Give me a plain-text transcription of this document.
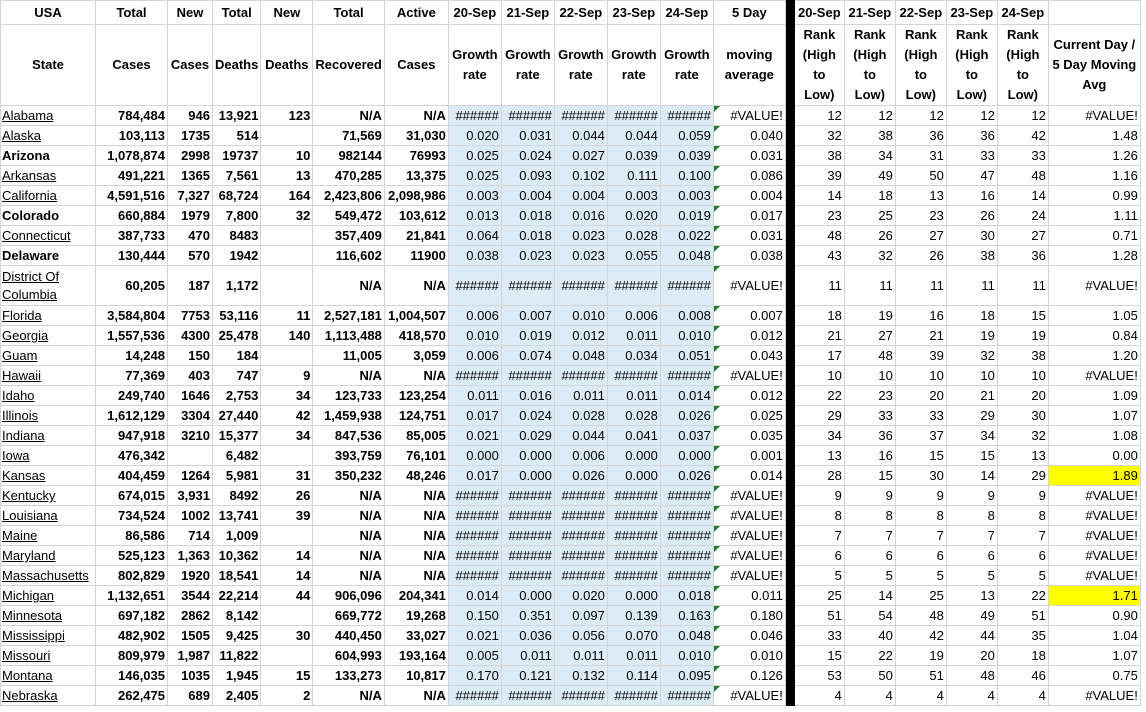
USA	Total	New	Total	New	Total	Active	20-Sep	21-Sep	22-Sep	23-Sep	24-Sep	5 Day		20-Sep	21-Sep	22-Sep	23-Sep	24-Sep	
State	Cases	Cases	Deaths	Deaths	Recovered	Cases	Growth rate	Growth rate	Growth rate	Growth rate	Growth rate	moving average		Rank (High to Low)	Rank (High to Low)	Rank (High to Low)	Rank (High to Low)	Rank (High to Low)	Current Day / 5 Day Moving Avg
Alabama	784,484	946	13,921	123	N/A	N/A	######	######	######	######	######	#VALUE!		12	12	12	12	12	#VALUE!
Alaska	103,113	1735	514		71,569	31,030	0.020	0.031	0.044	0.044	0.059	0.040		32	38	36	36	42	1.48
Arizona	1,078,874	2998	19737	10	982144	76993	0.025	0.024	0.027	0.039	0.039	0.031		38	34	31	33	33	1.26
Arkansas	491,221	1365	7,561	13	470,285	13,375	0.025	0.093	0.102	0.111	0.100	0.086		39	49	50	47	48	1.16
California	4,591,516	7,327	68,724	164	2,423,806	2,098,986	0.003	0.004	0.004	0.003	0.003	0.004		14	18	13	16	14	0.99
Colorado	660,884	1979	7,800	32	549,472	103,612	0.013	0.018	0.016	0.020	0.019	0.017		23	25	23	26	24	1.11
Connecticut	387,733	470	8483		357,409	21,841	0.064	0.018	0.023	0.028	0.022	0.031		48	26	27	30	27	0.71
Delaware	130,444	570	1942		116,602	11900	0.038	0.023	0.023	0.055	0.048	0.038		43	32	26	38	36	1.28
District Of Columbia	60,205	187	1,172		N/A	N/A	######	######	######	######	######	#VALUE!		11	11	11	11	11	#VALUE!
Florida	3,584,804	7753	53,116	11	2,527,181	1,004,507	0.006	0.007	0.010	0.006	0.008	0.007		18	19	16	18	15	1.05
Georgia	1,557,536	4300	25,478	140	1,113,488	418,570	0.010	0.019	0.012	0.011	0.010	0.012		21	27	21	19	19	0.84
Guam	14,248	150	184		11,005	3,059	0.006	0.074	0.048	0.034	0.051	0.043		17	48	39	32	38	1.20
Hawaii	77,369	403	747	9	N/A	N/A	######	######	######	######	######	#VALUE!		10	10	10	10	10	#VALUE!
Idaho	249,740	1646	2,753	34	123,733	123,254	0.011	0.016	0.011	0.011	0.014	0.012		22	23	20	21	20	1.09
Illinois	1,612,129	3304	27,440	42	1,459,938	124,751	0.017	0.024	0.028	0.028	0.026	0.025		29	33	33	29	30	1.07
Indiana	947,918	3210	15,377	34	847,536	85,005	0.021	0.029	0.044	0.041	0.037	0.035		34	36	37	34	32	1.08
Iowa	476,342		6,482		393,759	76,101	0.000	0.000	0.006	0.000	0.000	0.001		13	16	15	15	13	0.00
Kansas	404,459	1264	5,981	31	350,232	48,246	0.017	0.000	0.026	0.000	0.026	0.014		28	15	30	14	29	1.89
Kentucky	674,015	3,931	8492	26	N/A	N/A	######	######	######	######	######	#VALUE!		9	9	9	9	9	#VALUE!
Louisiana	734,524	1002	13,741	39	N/A	N/A	######	######	######	######	######	#VALUE!		8	8	8	8	8	#VALUE!
Maine	86,586	714	1,009		N/A	N/A	######	######	######	######	######	#VALUE!		7	7	7	7	7	#VALUE!
Maryland	525,123	1,363	10,362	14	N/A	N/A	######	######	######	######	######	#VALUE!		6	6	6	6	6	#VALUE!
Massachusetts	802,829	1920	18,541	14	N/A	N/A	######	######	######	######	######	#VALUE!		5	5	5	5	5	#VALUE!
Michigan	1,132,651	3544	22,214	44	906,096	204,341	0.014	0.000	0.020	0.000	0.018	0.011		25	14	25	13	22	1.71
Minnesota	697,182	2862	8,142		669,772	19,268	0.150	0.351	0.097	0.139	0.163	0.180		51	54	48	49	51	0.90
Mississippi	482,902	1505	9,425	30	440,450	33,027	0.021	0.036	0.056	0.070	0.048	0.046		33	40	42	44	35	1.04
Missouri	809,979	1,987	11,822		604,993	193,164	0.005	0.011	0.011	0.011	0.010	0.010		15	22	19	20	18	1.07
Montana	146,035	1035	1,945	15	133,273	10,817	0.170	0.121	0.132	0.114	0.095	0.126		53	50	51	48	46	0.75
Nebraska	262,475	689	2,405	2	N/A	N/A	######	######	######	######	######	#VALUE!		4	4	4	4	4	#VALUE!
